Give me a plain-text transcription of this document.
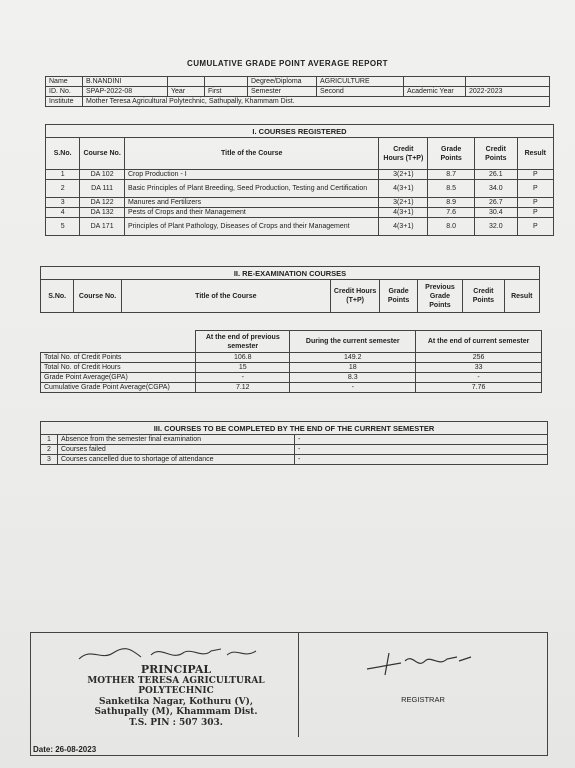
CUMULATIVE GRADE POINT AVERAGE REPORT
Name	B.NANDINI			Degree/Diploma	AGRICULTURE		
ID. No.	SPAP-2022-08	Year	First	Semester	Second	Academic Year	2022-2023
Institute	Mother Teresa Agricultural Polytechnic, Sathupally, Khammam Dist.						
I. COURSES REGISTERED						
S.No.	Course No.	Title of the Course	Credit Hours (T+P)	Grade Points	Credit Points	Result
1	DA 102	Crop Production - I	3(2+1)	8.7	26.1	P
2	DA 111	Basic Principles of Plant Breeding, Seed Production, Testing and Certification	4(3+1)	8.5	34.0	P
3	DA 122	Manures and Fertilizers	3(2+1)	8.9	26.7	P
4	DA 132	Pests of Crops and their Management	4(3+1)	7.6	30.4	P
5	DA 171	Principles of Plant Pathology, Diseases of Crops and their Management	4(3+1)	8.0	32.0	P
II. RE-EXAMINATION COURSES
S.No.	Course No.	Title of the Course	Credit Hours (T+P)	Grade Points	Previous Grade Points	Credit Points	Result
	At the end of previous semester	During the current semester	At the end of current semester
Total No. of Credit Points	106.8	149.2	256
Total No. of Credit Hours	15	18	33
Grade Point Average(GPA)	-	8.3	-
Cumulative Grade Point Average(CGPA)	7.12	-	7.76
III. COURSES TO BE COMPLETED BY THE END OF THE CURRENT SEMESTER		
1	Absence from the semester final examination	-
2	Courses failed	-
3	Courses cancelled due to shortage of attendance	-
PRINCIPAL
MOTHER TERESA AGRICULTURAL
POLYTECHNIC
Sanketika Nagar, Kothuru (V),
Sathupally (M), Khammam Dist.
T.S. PIN : 507 303.
REGISTRAR
Date: 26-08-2023
